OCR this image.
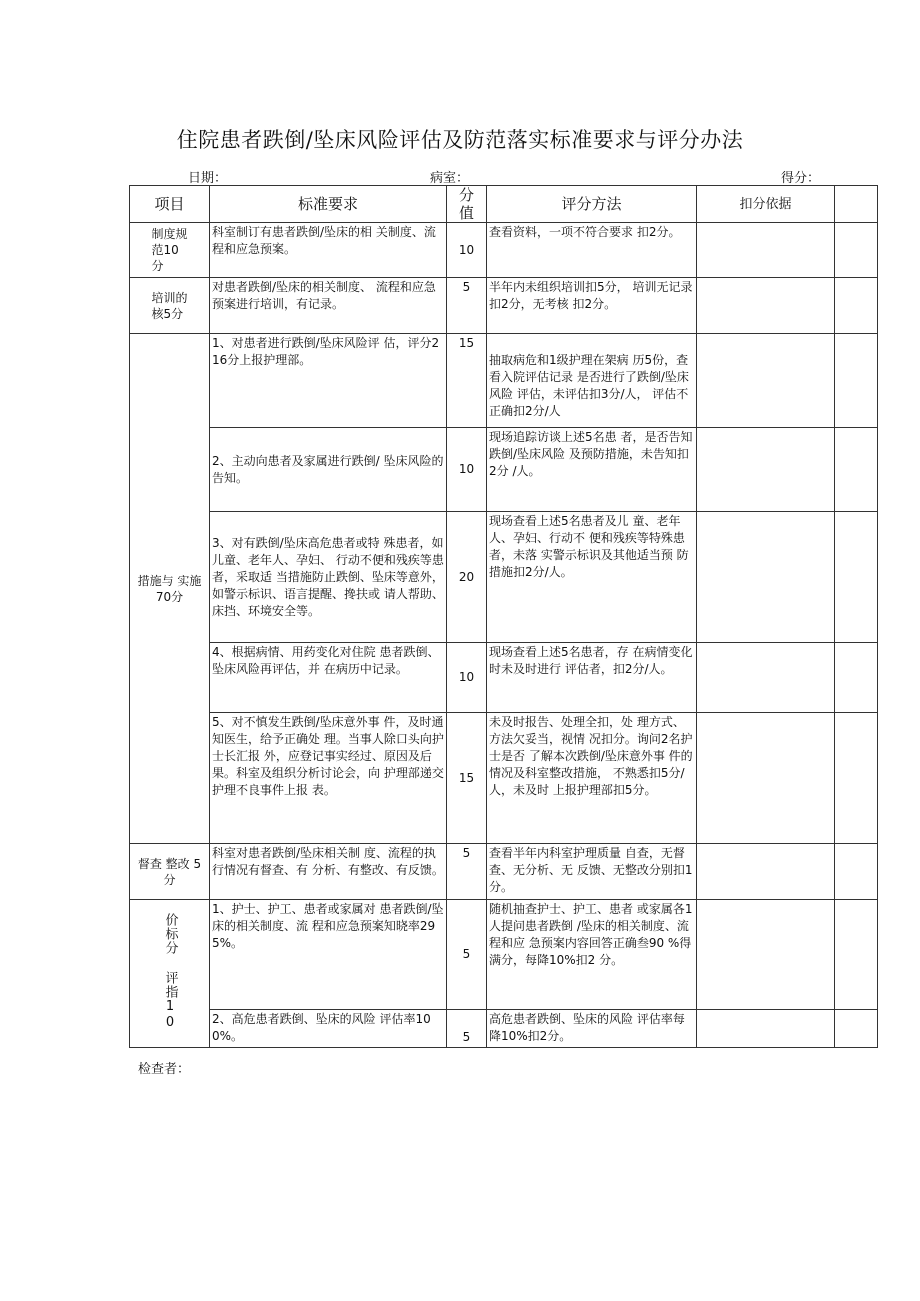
住院患者跌倒/坠床风险评估及防范落实标准要求与评分办法
日期：	病室：	得分：
项目	标准要求	分值	评分方法	扣分依据	
制度规范10分	科室制订有患者跌倒/坠床的相 关制度、流程和应急预案。	10	查看资料，一项不符合要求 扣2分。		
培训的核5分	对患者跌倒/坠床的相关制度、 流程和应急预案进行培训，有记录。	5	半年内未组织培训扣5分， 培训无记录扣2分，无考核 扣2分。		
措施与 实施 70分	1、对患者进行跌倒/坠床风险评 估，评分216分上报护理部。	15	抽取病危和1级护理在架病 历5份，查看入院评估记录 是否进行了跌倒/坠床风险 评估，未评估扣3分/人， 评估不正确扣2分/人		
	2、主动向患者及家属进行跌倒/ 坠床风险的告知。	10	现场追踪访谈上述5名患 者，是否告知跌倒/坠床风险 及预防措施，未告知扣2分 /人。		
	3、对有跌倒/坠床高危患者或特 殊患者，如儿童、老年人、孕妇、 行动不便和残疾等患者，采取适 当措施防止跌倒、坠床等意外， 如警示标识、语言提醒、搀扶或 请人帮助、床挡、环境安全等。	20	现场查看上述5名患者及儿 童、老年人、孕妇、行动不 便和残疾等特殊患者，未落 实警示标识及其他适当预 防措施扣2分/人。		
	4、根据病情、用药变化对住院 患者跌倒、坠床风险再评估，并 在病历中记录。	10	现场查看上述5名患者，存 在病情变化时未及时进行 评估者，扣2分/人。		
	5、对不慎发生跌倒/坠床意外事 件，及时通知医生，给予正确处 理。当事人除口头向护士长汇报 外，应登记事实经过、原因及后 果。科室及组织分析讨论会，向 护理部递交护理不良事件上报 表。	15	未及时报告、处理全扣，处 理方式、方法欠妥当，视情 况扣分。询问2名护士是否 了解本次跌倒/坠床意外事 件的情况及科室整改措施， 不熟悉扣5分/人，未及时 上报护理部扣5分。		
督查 整改 5分	科室对患者跌倒/坠床相关制 度、流程的执行情况有督查、有 分析、有整改、有反馈。	5	查看半年内科室护理质量 自查，无督查、无分析、无 反馈、无整改分别扣1分。		
价标分 评指10	1、护士、护工、患者或家属对 患者跌倒/坠床的相关制度、流 程和应急预案知晓率295%。	5	随机抽查护士、护工、患者 或家属各1人提问患者跌倒 /坠床的相关制度、流程和应 急预案内容回答正确叁90 %得满分，每降10%扣2 分。		
	2、高危患者跌倒、坠床的风险 评估率100%。	5	高危患者跌倒、坠床的风险 评估率每降10%扣2分。		
检查者：
